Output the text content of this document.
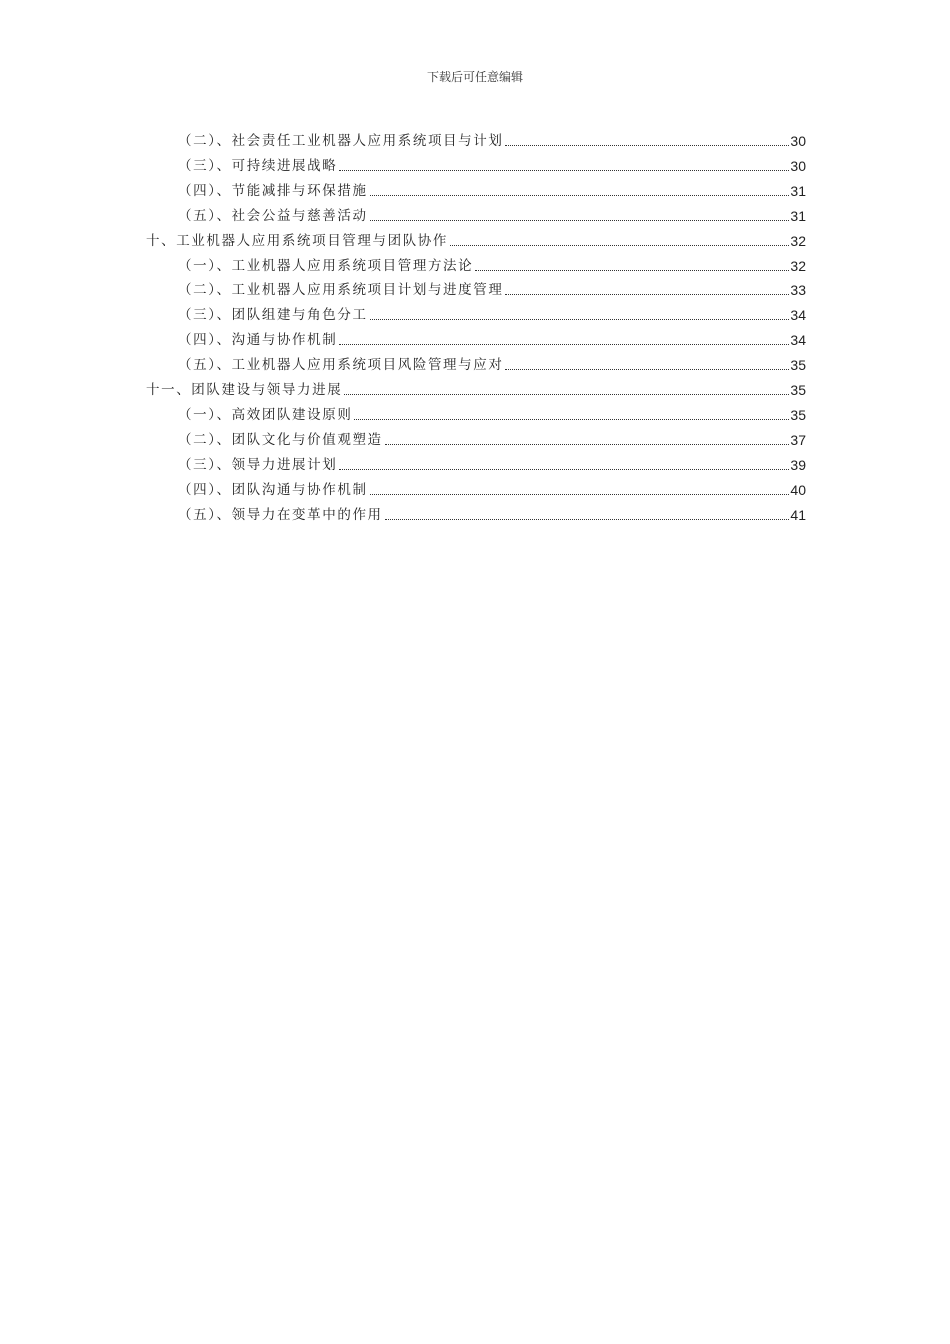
下载后可任意编辑
（二）、社会责任工业机器人应用系统项目与计划	30
（三）、可持续进展战略	30
（四）、节能减排与环保措施	31
（五）、社会公益与慈善活动	31
十、工业机器人应用系统项目管理与团队协作	32
（一）、工业机器人应用系统项目管理方法论	32
（二）、工业机器人应用系统项目计划与进度管理	33
（三）、团队组建与角色分工	34
（四）、沟通与协作机制	34
（五）、工业机器人应用系统项目风险管理与应对	35
十一、团队建设与领导力进展	35
（一）、高效团队建设原则	35
（二）、团队文化与价值观塑造	37
（三）、领导力进展计划	39
（四）、团队沟通与协作机制	40
（五）、领导力在变革中的作用	41
